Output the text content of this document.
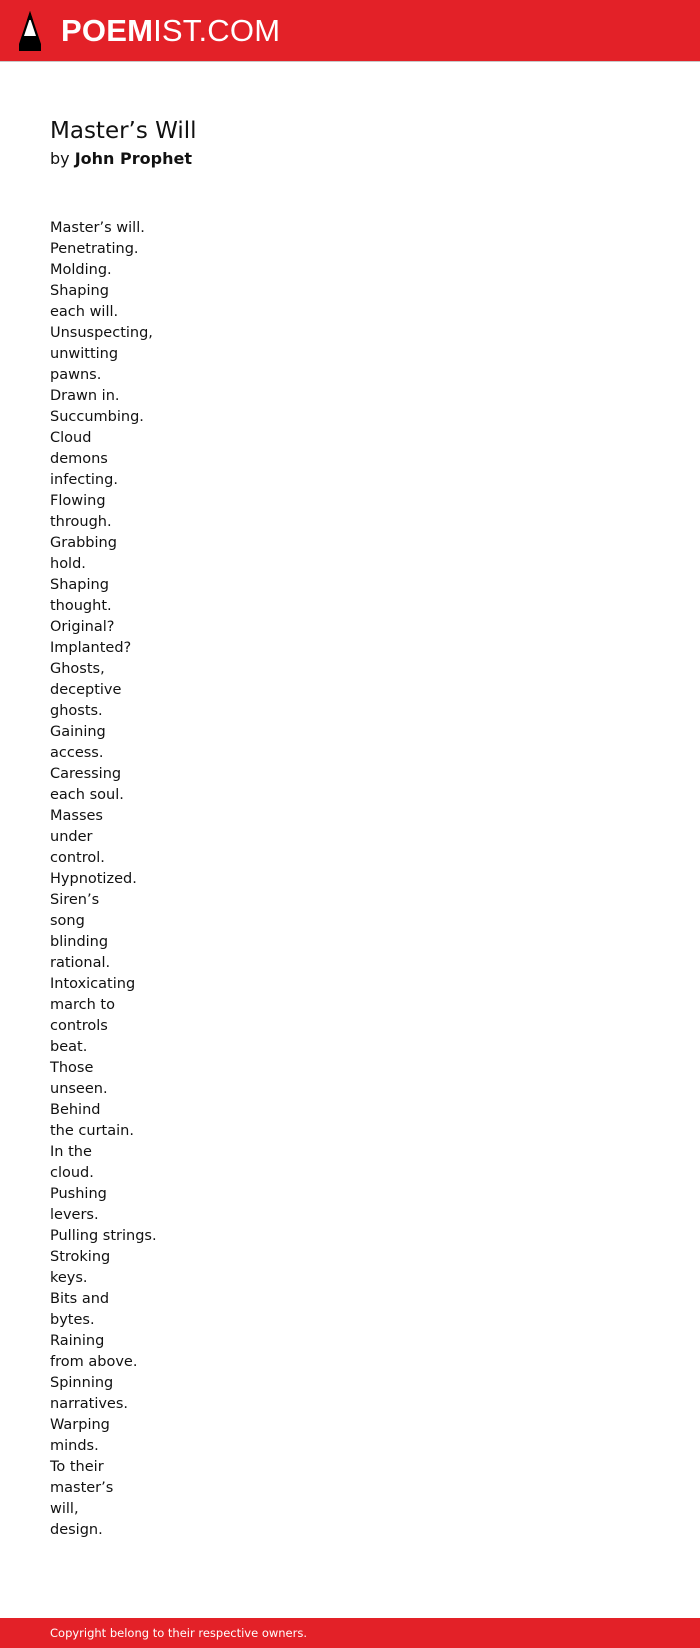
POEMIST.COM
Master’s Will
by John Prophet
Master’s will.
Penetrating.
Molding.
Shaping
each will.
Unsuspecting,
unwitting
pawns.
Drawn in.
Succumbing.
Cloud
demons
infecting.
Flowing
through.
Grabbing
hold.
Shaping
thought.
Original?
Implanted?
Ghosts,
deceptive
ghosts.
Gaining
access.
Caressing
each soul.
Masses
under
control.
Hypnotized.
Siren’s
song
blinding
rational.
Intoxicating
march to
controls
beat.
Those
unseen.
Behind
the curtain.
In the
cloud.
Pushing
levers.
Pulling strings.
Stroking
keys.
Bits and
bytes.
Raining
from above.
Spinning
narratives.
Warping
minds.
To their
master’s
will,
design.
Copyright belong to their respective owners.
